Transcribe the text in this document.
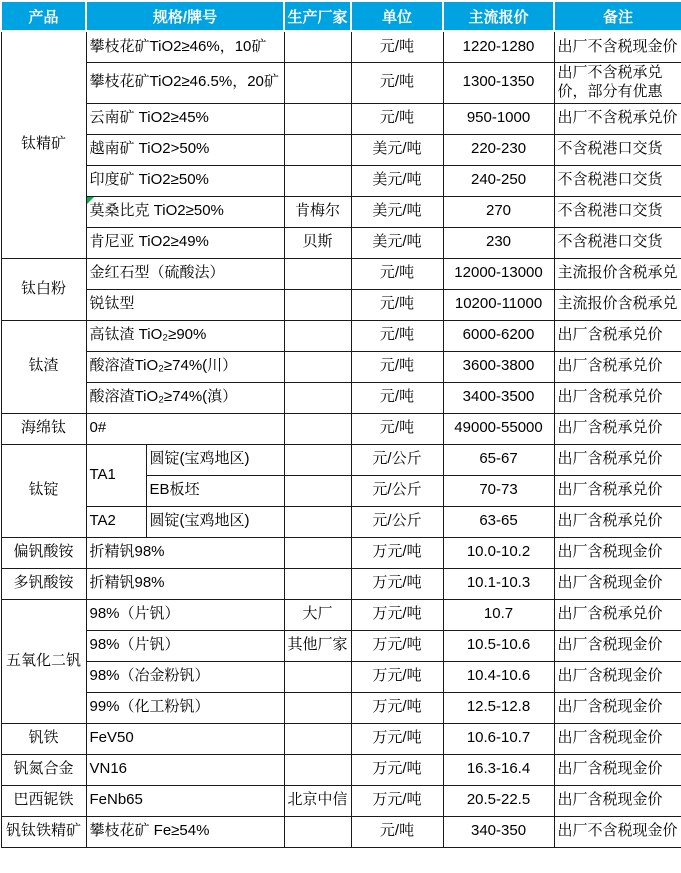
产品	规格/牌号		生产厂家	单位	主流报价	备注
钛精矿	攀枝花矿TiO2≥46%，10矿			元/吨	1220-1280	出厂不含税现金价
	攀枝花矿TiO2≥46.5%，20矿			元/吨	1300-1350	出厂不含税承兑价，部分有优惠
	云南矿 TiO2≥45%			元/吨	950-1000	出厂不含税承兑价
	越南矿 TiO2>50%			美元/吨	220-230	不含税港口交货
	印度矿 TiO2≥50%			美元/吨	240-250	不含税港口交货
	莫桑比克 TiO2≥50%		肯梅尔	美元/吨	270	不含税港口交货
	肯尼亚 TiO2≥49%		贝斯	美元/吨	230	不含税港口交货
钛白粉	金红石型（硫酸法）			元/吨	12000-13000	主流报价含税承兑
	锐钛型			元/吨	10200-11000	主流报价含税承兑
钛渣	高钛渣 TiO₂≥90%			元/吨	6000-6200	出厂含税承兑价
	酸溶渣TiO₂≥74%(川）			元/吨	3600-3800	出厂含税承兑价
	酸溶渣TiO₂≥74%(滇）			元/吨	3400-3500	出厂含税承兑价
海绵钛	0#			元/吨	49000-55000	出厂含税承兑价
钛锭	TA1	圆锭(宝鸡地区)		元/公斤	65-67	出厂含税承兑价
		EB板坯		元/公斤	70-73	出厂含税承兑价
	TA2	圆锭(宝鸡地区)		元/公斤	63-65	出厂含税承兑价
偏钒酸铵	折精钒98%			万元/吨	10.0-10.2	出厂含税现金价
多钒酸铵	折精钒98%			万元/吨	10.1-10.3	出厂含税现金价
五氧化二钒	98%（片钒）		大厂	万元/吨	10.7	出厂含税承兑价
	98%（片钒）		其他厂家	万元/吨	10.5-10.6	出厂含税现金价
	98%（冶金粉钒）			万元/吨	10.4-10.6	出厂含税现金价
	99%（化工粉钒）			万元/吨	12.5-12.8	出厂含税现金价
钒铁	FeV50			万元/吨	10.6-10.7	出厂含税现金价
钒氮合金	VN16			万元/吨	16.3-16.4	出厂含税现金价
巴西铌铁	FeNb65		北京中信	万元/吨	20.5-22.5	出厂含税现金价
钒钛铁精矿	攀枝花矿 Fe≥54%			元/吨	340-350	出厂不含税现金价
